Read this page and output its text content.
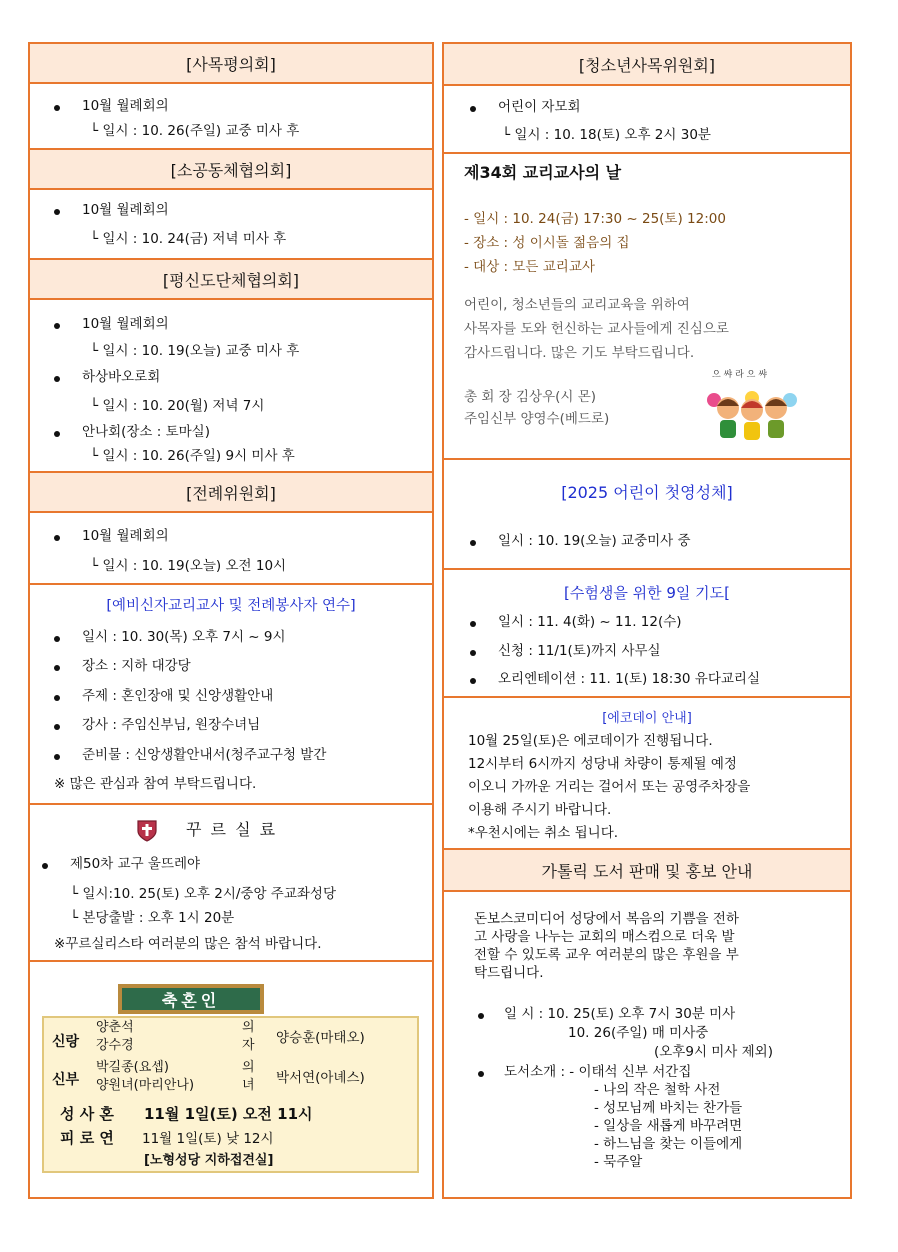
[사목평의회]
10월 월례회의
└ 일시 : 10. 26(주일) 교중 미사 후
[소공동체협의회]
10월 월례회의
└ 일시 : 10. 24(금) 저녁 미사 후
[평신도단체협의회]
10월 월례회의
└ 일시 : 10. 19(오늘) 교중 미사 후
하상바오로회
└ 일시 : 10. 20(월) 저녁 7시
안나회(장소 : 토마실)
└ 일시 : 10. 26(주일) 9시 미사 후
[전례위원회]
10월 월례회의
└ 일시 : 10. 19(오늘) 오전 10시
[예비신자교리교사 및 전례봉사자 연수]
일시 : 10. 30(목) 오후 7시 ~ 9시
장소 : 지하 대강당
주제 : 혼인장애 및 신앙생활안내
강사 : 주임신부님, 원장수녀님
준비물 : 신앙생활안내서(청주교구청 발간
※ 많은 관심과 참여 부탁드립니다.
꾸 르 실 료
제50차 교구 울뜨레야
└ 일시:10. 25(토) 오후 2시/중앙 주교좌성당
└ 본당출발 : 오후 1시 20분
※꾸르실리스타 여러분의 많은 참석 바랍니다.
축혼인
신랑
양춘석
강수경
의
자 양승훈(마태오)
신부
박길종(요셉)
양원녀(마리안나)
의
녀 박서연(아녜스)
성 사 혼 11월 1일(토) 오전 11시
피 로 연 11월 1일(토) 낮 12시
[노형성당 지하접견실]
[청소년사목위원회]
어린이 자모회
└ 일시 : 10. 18(토) 오후 2시 30분
제34회 교리교사의 날
- 일시 : 10. 24(금) 17:30 ~ 25(토) 12:00
- 장소 : 성 이시돌 젊음의 집
- 대상 : 모든 교리교사
어린이, 청소년들의 교리교육을 위하여
사목자를 도와 헌신하는 교사들에게 진심으로
감사드립니다. 많은 기도 부탁드립니다.
총 회 장 김상우(시 몬)
주임신부 양영수(베드로)
으 쌰 라 으 쌰
[2025 어린이 첫영성체]
일시 : 10. 19(오늘) 교중미사 중
[수험생을 위한 9일 기도[
일시 : 11. 4(화) ~ 11. 12(수)
신청 : 11/1(토)까지 사무실
오리엔테이션 : 11. 1(토) 18:30 유다교리실
[에코데이 안내]
10월 25일(토)은 에코데이가 진행됩니다.
12시부터 6시까지 성당내 차량이 통제될 예정
이오니 가까운 거리는 걸어서 또는 공영주차장을
이용해 주시기 바랍니다.
*우천시에는 취소 됩니다.
가톨릭 도서 판매 및 홍보 안내
돈보스코미디어 성당에서 복음의 기쁨을 전하
고 사랑을 나누는 교회의 매스컴으로 더욱 발
전할 수 있도록 교우 여러분의 많은 후원을 부
탁드립니다.
일 시 : 10. 25(토) 오후 7시 30분 미사
10. 26(주일) 매 미사중
(오후9시 미사 제외)
도서소개 : - 이태석 신부 서간집
- 나의 작은 철학 사전
- 성모님께 바치는 찬가들
- 일상을 새롭게 바꾸려면
- 하느님을 찾는 이들에게
- 묵주알
